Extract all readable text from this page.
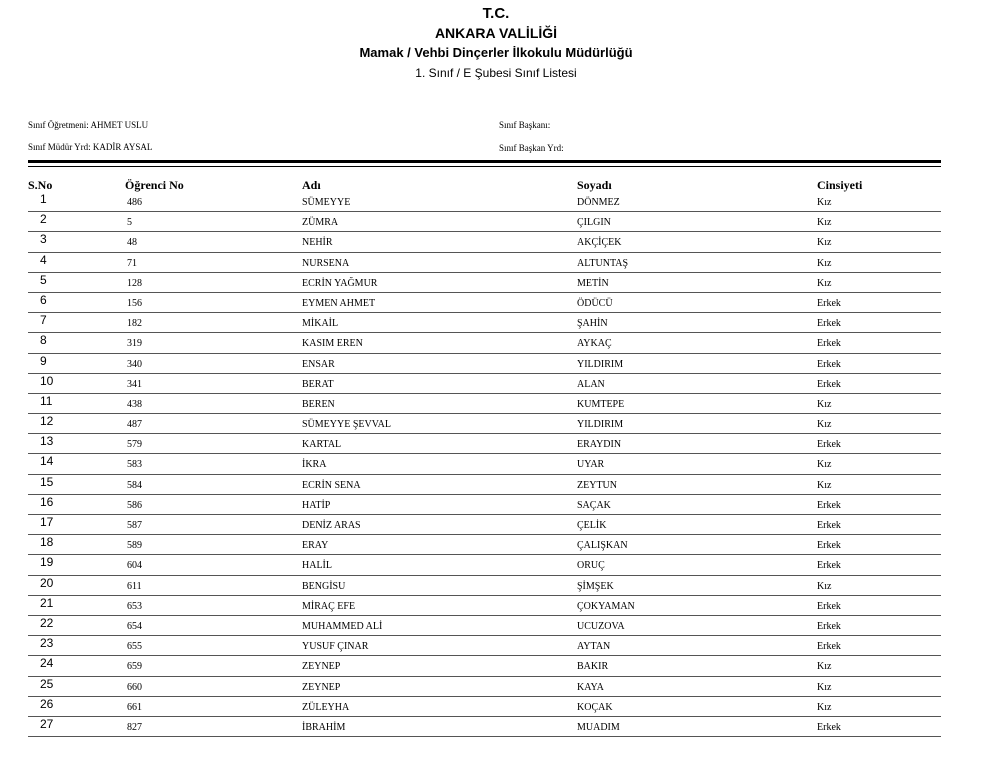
T.C.
ANKARA VALİLİĞİ
Mamak / Vehbi Dinçerler İlkokulu Müdürlüğü
1. Sınıf / E Şubesi Sınıf Listesi
Sınıf Öğretmeni: AHMET USLU
Sınıf Müdür Yrd: KADİR AYSAL
Sınıf Başkanı:
Sınıf Başkan Yrd:
S.No	Öğrenci No	Adı	Soyadı	Cinsiyeti
1	486	SÜMEYYE	DÖNMEZ	Kız
2	5	ZÜMRA	ÇILGIN	Kız
3	48	NEHİR	AKÇİÇEK	Kız
4	71	NURSENA	ALTUNTAŞ	Kız
5	128	ECRİN YAĞMUR	METİN	Kız
6	156	EYMEN AHMET	ÖDÜCÜ	Erkek
7	182	MİKAİL	ŞAHİN	Erkek
8	319	KASIM EREN	AYKAÇ	Erkek
9	340	ENSAR	YILDIRIM	Erkek
10	341	BERAT	ALAN	Erkek
11	438	BEREN	KUMTEPE	Kız
12	487	SÜMEYYE ŞEVVAL	YILDIRIM	Kız
13	579	KARTAL	ERAYDIN	Erkek
14	583	İKRA	UYAR	Kız
15	584	ECRİN SENA	ZEYTUN	Kız
16	586	HATİP	SAÇAK	Erkek
17	587	DENİZ ARAS	ÇELİK	Erkek
18	589	ERAY	ÇALIŞKAN	Erkek
19	604	HALİL	ORUÇ	Erkek
20	611	BENGİSU	ŞİMŞEK	Kız
21	653	MİRAÇ EFE	ÇOKYAMAN	Erkek
22	654	MUHAMMED ALİ	UCUZOVA	Erkek
23	655	YUSUF ÇINAR	AYTAN	Erkek
24	659	ZEYNEP	BAKIR	Kız
25	660	ZEYNEP	KAYA	Kız
26	661	ZÜLEYHA	KOÇAK	Kız
27	827	İBRAHİM	MUADIM	Erkek
